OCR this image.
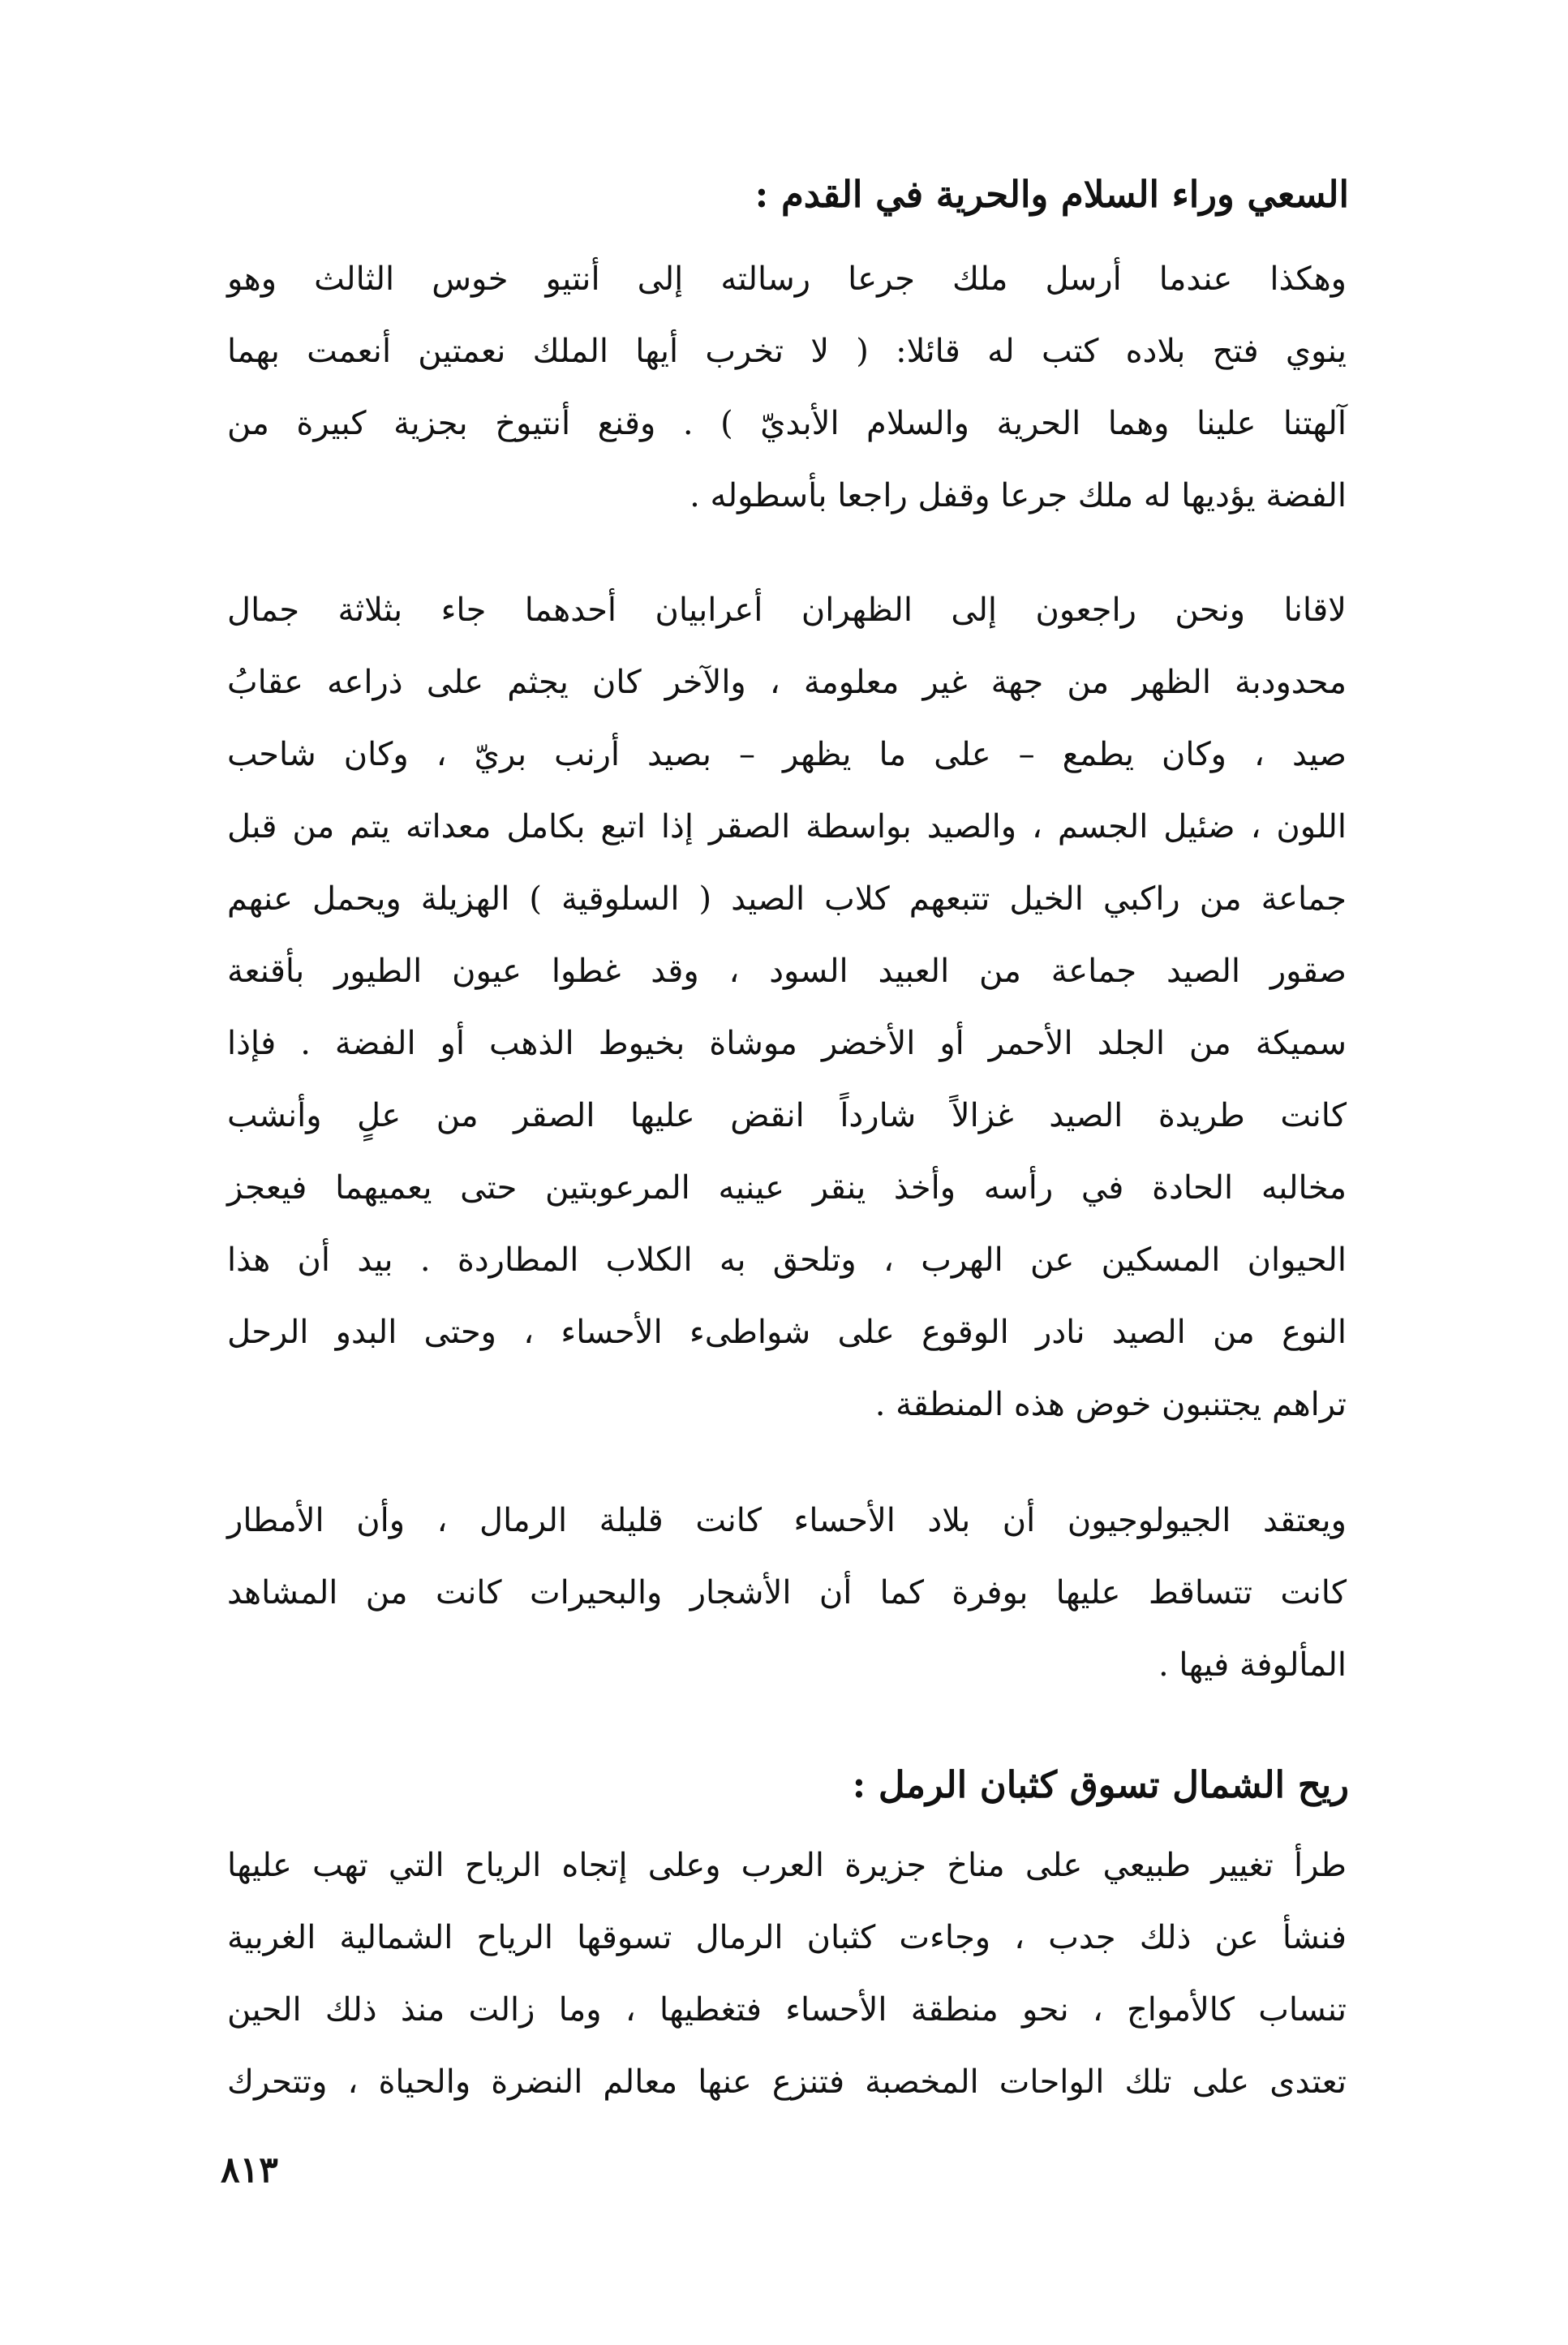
السعي وراء السلام والحرية في القدم :
وهكذا عندما أرسل ملك جرعا رسالته إلى أنتيو خوس الثالث وهو
ينوي فتح بلاده كتب له قائلا: ( لا تخرب أيها الملك نعمتين أنعمت بهما
آلهتنا علينا وهما الحرية والسلام الأبديّ ) . وقنع أنتيوخ بجزية كبيرة من
الفضة يؤديها له ملك جرعا وقفل راجعا بأسطوله .
لاقانا ونحن راجعون إلى الظهران أعرابيان أحدهما جاء بثلاثة جمال
محدودبة الظهر من جهة غير معلومة ، والآخر كان يجثم على ذراعه عقابُ
صيد ، وكان يطمع – على ما يظهر – بصيد أرنب بريّ ، وكان شاحب
اللون ، ضئيل الجسم ، والصيد بواسطة الصقر إذا اتبع بكامل معداته يتم من قبل
جماعة من راكبي الخيل تتبعهم كلاب الصيد ( السلوقية ) الهزيلة ويحمل عنهم
صقور الصيد جماعة من العبيد السود ، وقد غطوا عيون الطيور بأقنعة
سميكة من الجلد الأحمر أو الأخضر موشاة بخيوط الذهب أو الفضة . فإذا
كانت طريدة الصيد غزالاً شارداً انقض عليها الصقر من علٍ وأنشب
مخالبه الحادة في رأسه وأخذ ينقر عينيه المرعوبتين حتى يعميهما فيعجز
الحيوان المسكين عن الهرب ، وتلحق به الكلاب المطاردة . بيد أن هذا
النوع من الصيد نادر الوقوع على شواطىء الأحساء ، وحتى البدو الرحل
تراهم يجتنبون خوض هذه المنطقة .
ويعتقد الجيولوجيون أن بلاد الأحساء كانت قليلة الرمال ، وأن الأمطار
كانت تتساقط عليها بوفرة كما أن الأشجار والبحيرات كانت من المشاهد
المألوفة فيها .
ريح الشمال تسوق كثبان الرمل :
طرأ تغيير طبيعي على مناخ جزيرة العرب وعلى إتجاه الرياح التي تهب عليها
فنشأ عن ذلك جدب ، وجاءت كثبان الرمال تسوقها الرياح الشمالية الغربية
تنساب كالأمواج ، نحو منطقة الأحساء فتغطيها ، وما زالت منذ ذلك الحين
تعتدى على تلك الواحات المخصبة فتنزع عنها معالم النضرة والحياة ، وتتحرك
٨١٣
